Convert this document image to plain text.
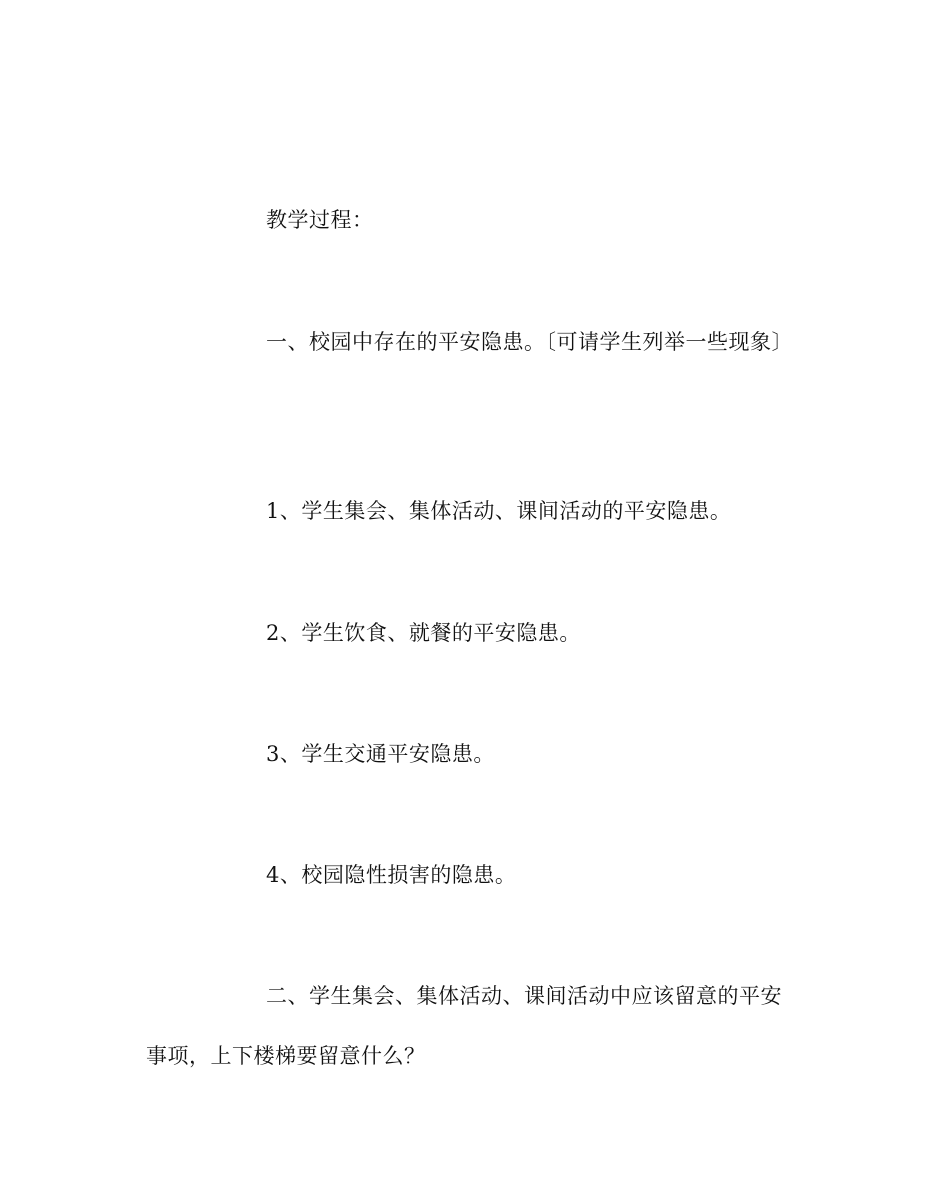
教学过程：

一、校园中存在的平安隐患。〔可请学生列举一些现象〕

1、学生集会、集体活动、课间活动的平安隐患。

2、学生饮食、就餐的平安隐患。

3、学生交通平安隐患。

4、校园隐性损害的隐患。

二、学生集会、集体活动、课间活动中应该留意的平安事项，上下楼梯要留意什么？
